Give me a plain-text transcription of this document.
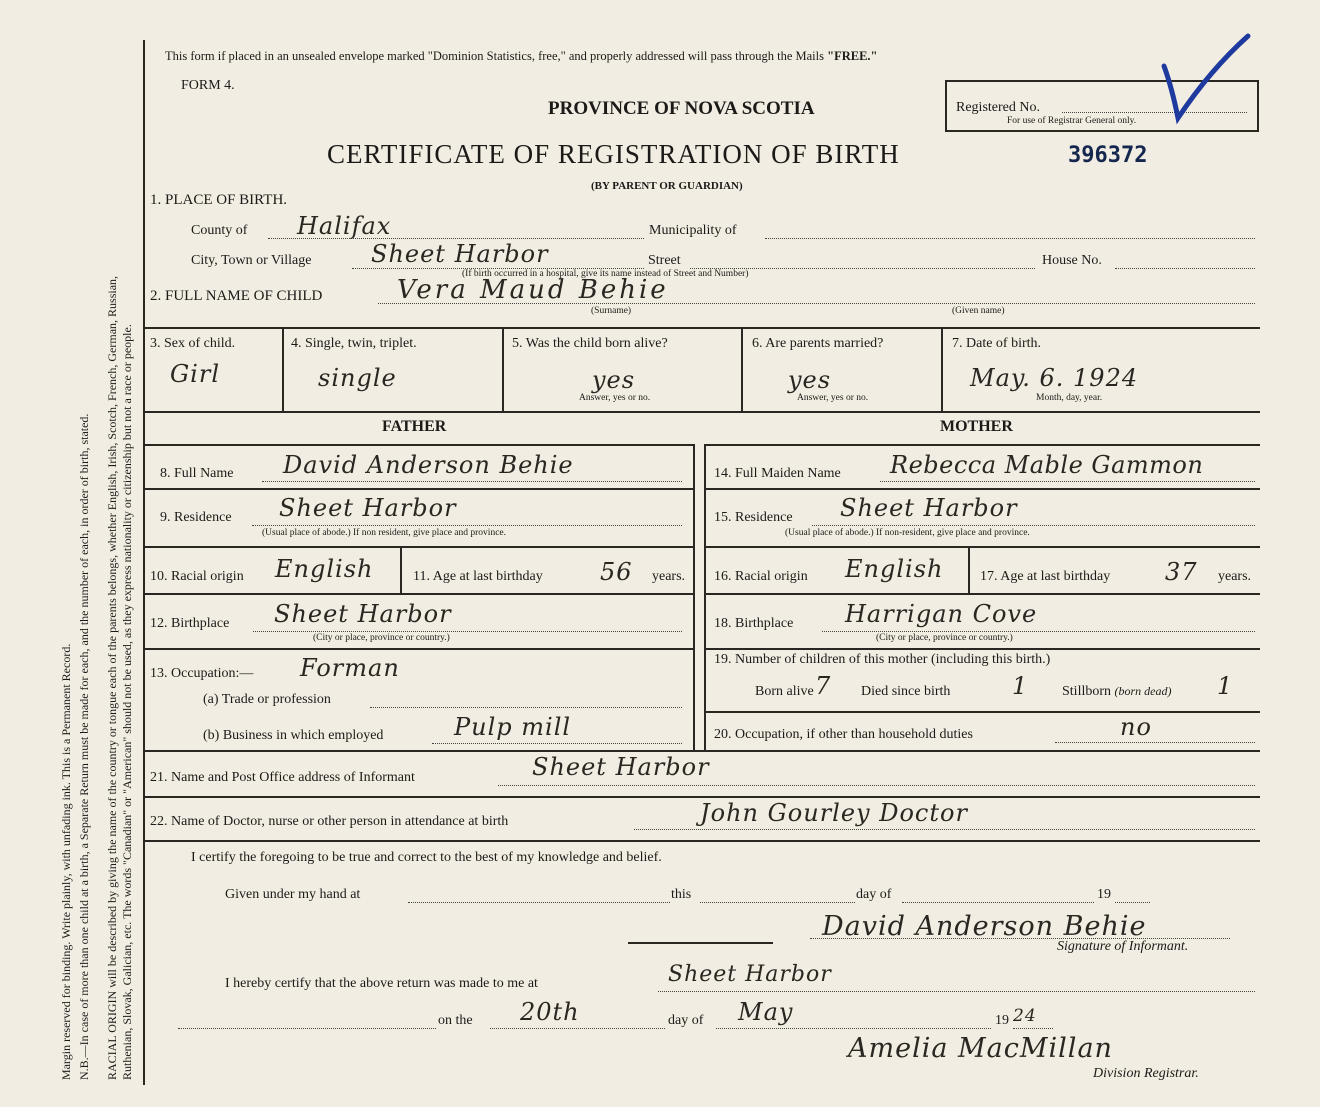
Margin reserved for binding. Write plainly, with unfading ink. This is a Permanent Record. N.B.—In case of more than one child at a birth, a Separate Return must be made for each, and the number of each, in order of birth, stated. RACIAL ORIGIN will be described by giving the name of the country or tongue each of the parents belongs, whether English, Irish, Scotch, French, German, Russian, Ruthenian, Slovak, Galician, etc. The words "Canadian" or "American" should not be used, as they express nationality or citizenship but not a race or people.
This form if placed in an unsealed envelope marked "Dominion Statistics, free," and properly addressed will pass through the Mails "FREE."
FORM 4.
PROVINCE OF NOVA SCOTIA	Registered No.
For use of Registrar General only.
CERTIFICATE OF REGISTRATION OF BIRTH	396372
(BY PARENT OR GUARDIAN)
1. PLACE OF BIRTH.
County of Halifax	Municipality of
City, Town or Village Sheet Harbor	Street	House No.
(If birth occurred in a hospital, give its name instead of Street and Number)
2. FULL NAME OF CHILD	Vera Maud Behie
(Surname)	(Given name)
3. Sex of child.
Girl
4. Single, twin, triplet.
single
5. Was the child born alive?
yes
Answer, yes or no.
6. Are parents married?
yes
Answer, yes or no.
7. Date of birth.
May. 6. 1924
Month, day, year.
FATHER	MOTHER
8. Full Name David Anderson Behie
9. Residence Sheet Harbor
(Usual place of abode.) If non resident, give place and province.
10. Racial origin English	11. Age at last birthday 56 years.
12. Birthplace Sheet Harbor
(City or place, province or country.)
13. Occupation:— Forman
(a) Trade or profession
(b) Business in which employed	Pulp mill
14. Full Maiden Name Rebecca Mable Gammon
15. Residence Sheet Harbor
(Usual place of abode.) If non-resident, give place and province.
16. Racial origin English	17. Age at last birthday 37 years.
18. Birthplace Harrigan Cove
(City or place, province or country.)
19. Number of children of this mother (including this birth.)
Born alive 7 Died since birth	1 Stillborn (born dead) 1
20. Occupation, if other than household duties	no
21. Name and Post Office address of Informant	Sheet Harbor
22. Name of Doctor, nurse or other person in attendance at birth	John Gourley Doctor
I certify the foregoing to be true and correct to the best of my knowledge and belief.
Given under my hand at	this	day of	19
David Anderson Behie
Signature of Informant.
I hereby certify that the above return was made to me at	Sheet Harbor
on the 20th	day of May	19 24
Amelia MacMillan
Division Registrar.
